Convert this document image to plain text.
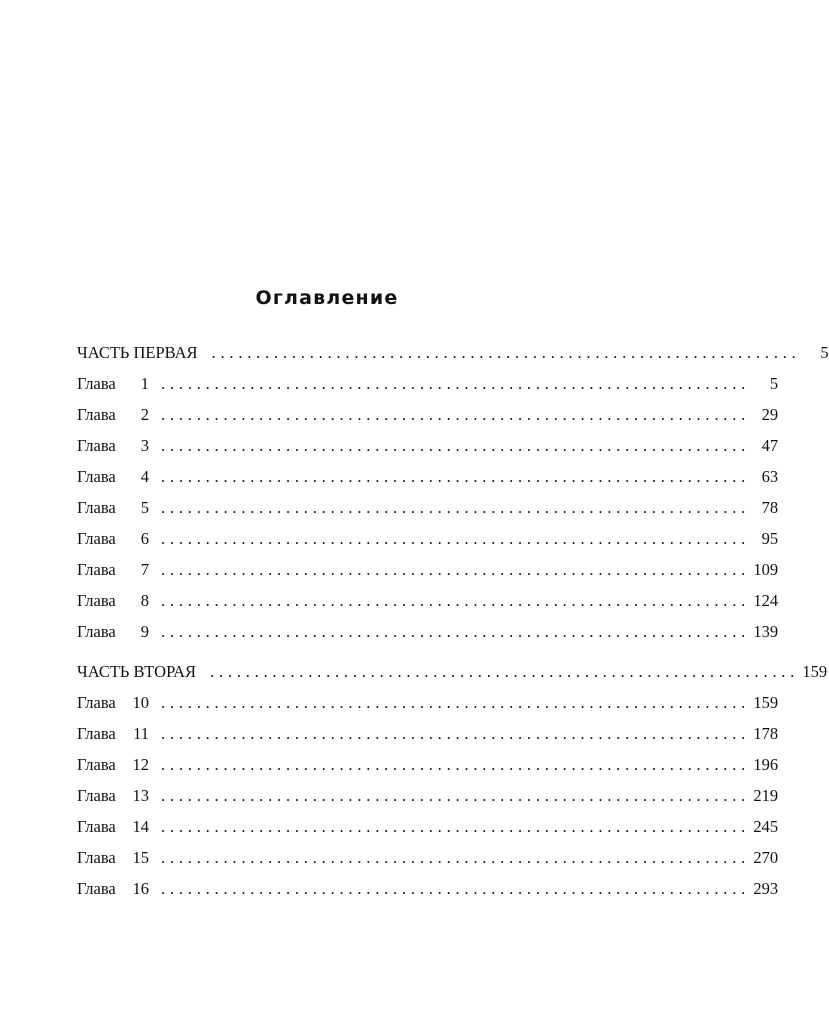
Оглавление
ЧАСТЬ ПЕРВАЯ ..................................................................	5
Глава 1 ..................................................................	5
Глава 2 .................................................................. 29
Глава 3 .................................................................. 47
Глава 4 .................................................................. 63
Глава 5 .................................................................. 78
Глава 6 .................................................................. 95
Глава 7 .................................................................. 109
Глава 8 .................................................................. 124
Глава 9 .................................................................. 139
ЧАСТЬ ВТОРАЯ .................................................................. 159
Глава 10 .................................................................. 159
Глава 11 .................................................................. 178
Глава 12 .................................................................. 196
Глава 13 .................................................................. 219
Глава 14 .................................................................. 245
Глава 15 .................................................................. 270
Глава 16 .................................................................. 293
